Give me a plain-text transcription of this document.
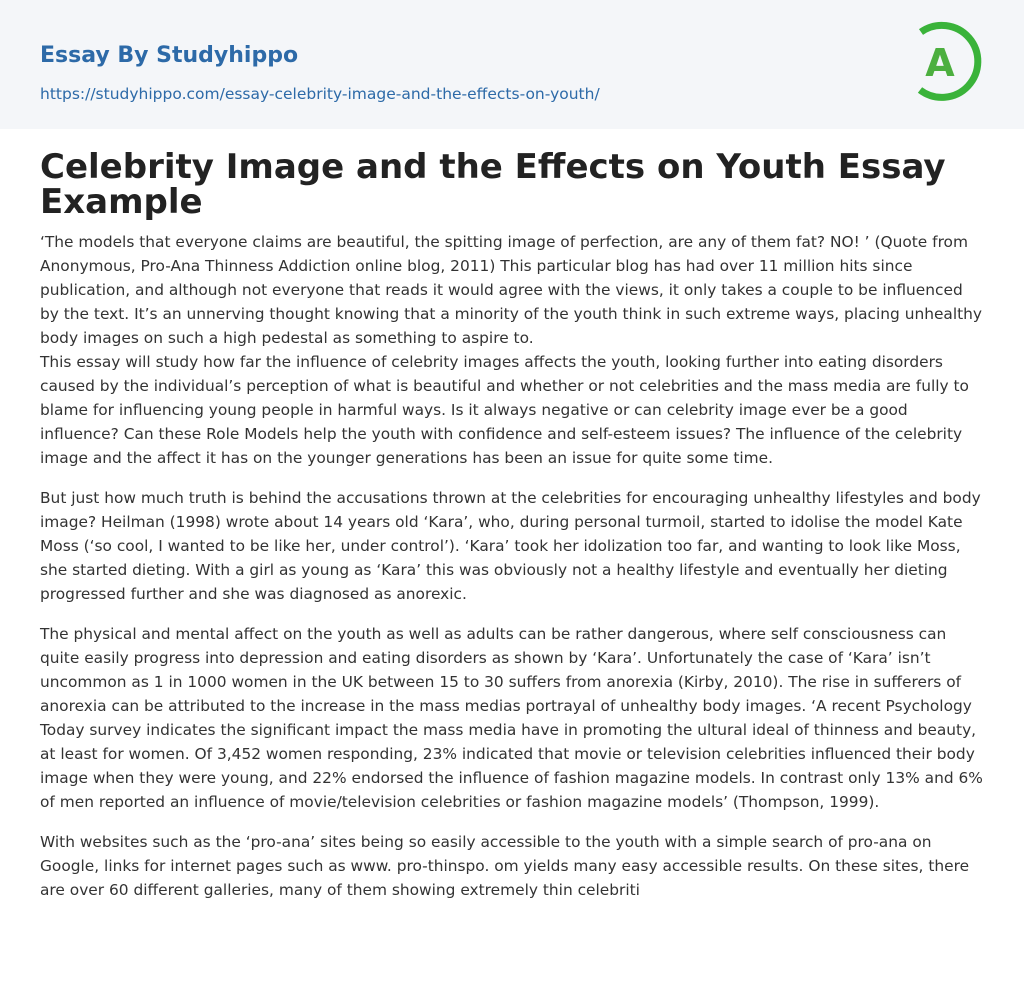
Essay By Studyhippo
https://studyhippo.com/essay-celebrity-image-and-the-effects-on-youth/
A
Celebrity Image and the Effects on Youth Essay Example

‘The models that everyone claims are beautiful, the spitting image of perfection, are any of them fat? NO! ’ (Quote from Anonymous, Pro-Ana Thinness Addiction online blog, 2011) This particular blog has had over 11 million hits since publication, and although not everyone that reads it would agree with the views, it only takes a couple to be influenced by the text. It’s an unnerving thought knowing that a minority of the youth think in such extreme ways, placing unhealthy body images on such a high pedestal as something to aspire to.

This essay will study how far the influence of celebrity images affects the youth, looking further into eating disorders caused by the individual’s perception of what is beautiful and whether or not celebrities and the mass media are fully to blame for influencing young people in harmful ways. Is it always negative or can celebrity image ever be a good influence? Can these Role Models help the youth with confidence and self-esteem issues? The influence of the celebrity image and the affect it has on the younger generations has been an issue for quite some time.

But just how much truth is behind the accusations thrown at the celebrities for encouraging unhealthy lifestyles and body image? Heilman (1998) wrote about 14 years old ‘Kara’, who, during personal turmoil, started to idolise the model Kate Moss (‘so cool, I wanted to be like her, under control’). ‘Kara’ took her idolization too far, and wanting to look like Moss, she started dieting. With a girl as young as ‘Kara’ this was obviously not a healthy lifestyle and eventually her dieting progressed further and she was diagnosed as anorexic.

The physical and mental affect on the youth as well as adults can be rather dangerous, where self consciousness can quite easily progress into depression and eating disorders as shown by ‘Kara’. Unfortunately the case of ‘Kara’ isn’t uncommon as 1 in 1000 women in the UK between 15 to 30 suffers from anorexia (Kirby, 2010). The rise in sufferers of anorexia can be attributed to the increase in the mass medias portrayal of unhealthy body images. ‘A recent Psychology Today survey indicates the significant impact the mass media have in promoting the ultural ideal of thinness and beauty, at least for women. Of 3,452 women responding, 23% indicated that movie or television celebrities influenced their body image when they were young, and 22% endorsed the influence of fashion magazine models. In contrast only 13% and 6% of men reported an influence of movie/television celebrities or fashion magazine models’ (Thompson, 1999).

With websites such as the ‘pro-ana’ sites being so easily accessible to the youth with a simple search of pro-ana on Google, links for internet pages such as www. pro-thinspo. om yields many easy accessible results. On these sites, there are over 60 different galleries, many of them showing extremely thin celebriti
